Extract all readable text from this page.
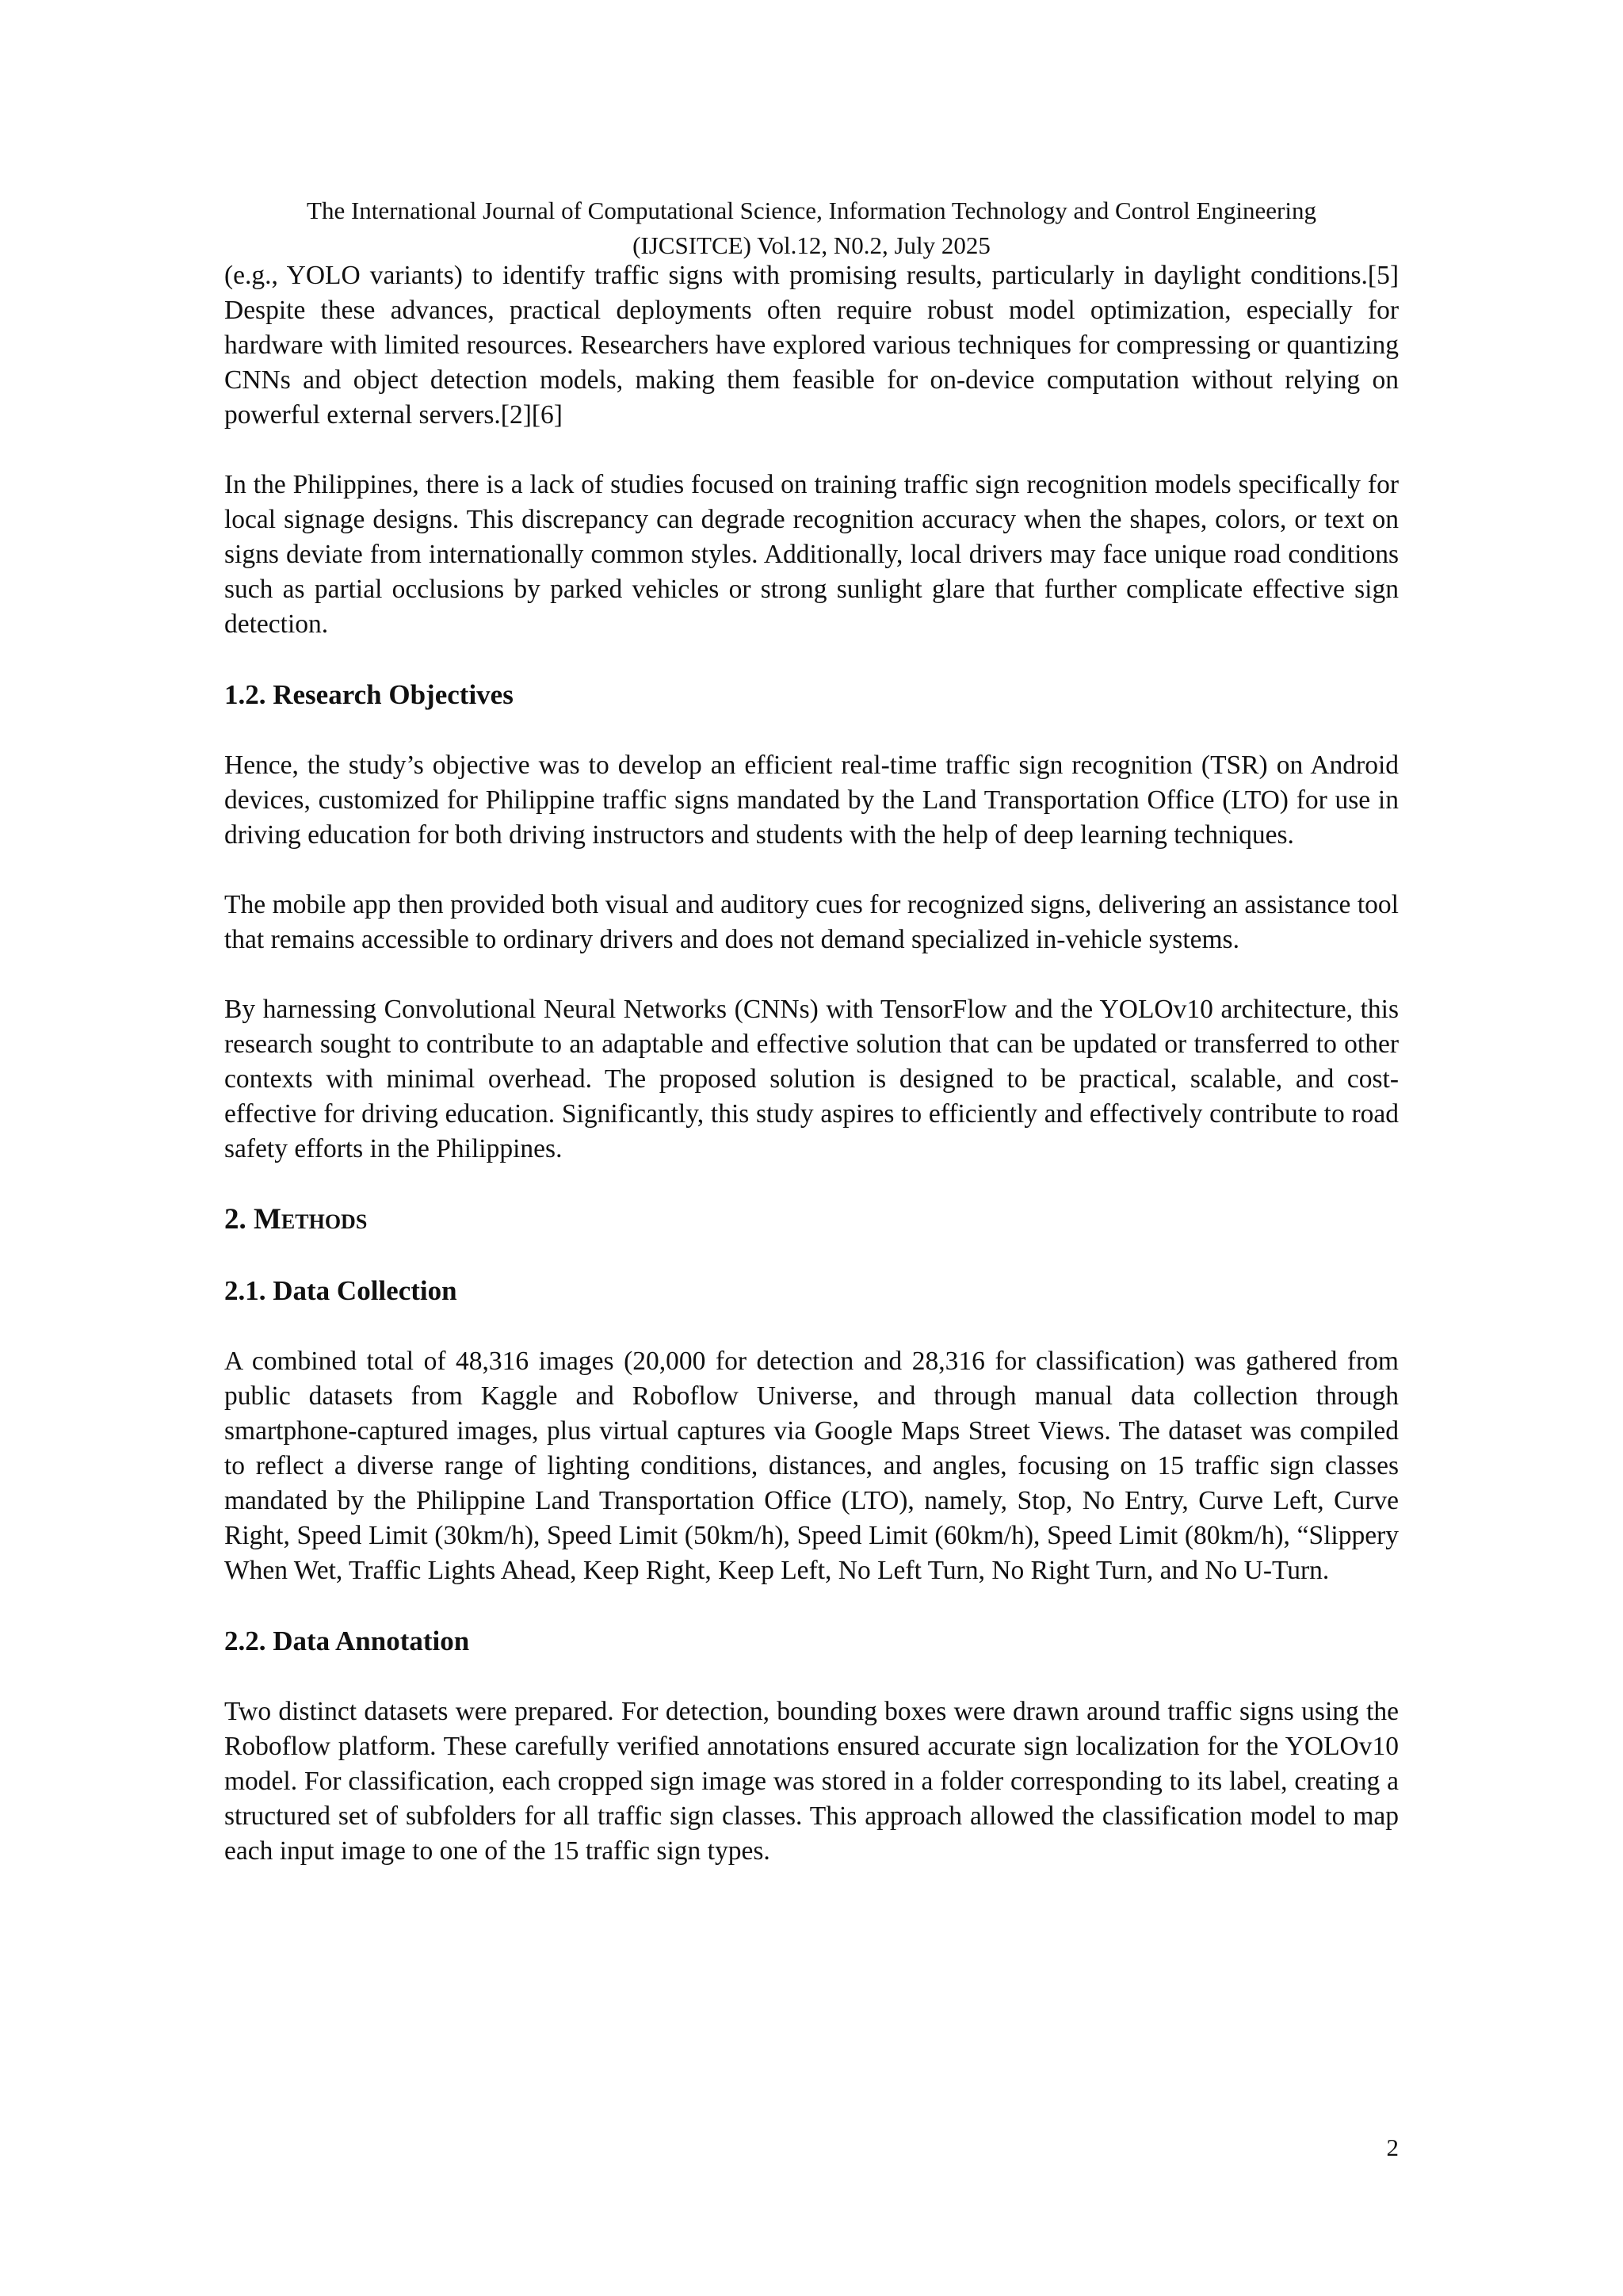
The International Journal of Computational Science, Information Technology and Control Engineering
(IJCSITCE) Vol.12, N0.2, July 2025

(e.g., YOLO variants) to identify traffic signs with promising results, particularly in daylight conditions.[5] Despite these advances, practical deployments often require robust model optimization, especially for hardware with limited resources. Researchers have explored various techniques for compressing or quantizing CNNs and object detection models, making them feasible for on-device computation without relying on powerful external servers.[2][6]

In the Philippines, there is a lack of studies focused on training traffic sign recognition models specifically for local signage designs. This discrepancy can degrade recognition accuracy when the shapes, colors, or text on signs deviate from internationally common styles. Additionally, local drivers may face unique road conditions such as partial occlusions by parked vehicles or strong sunlight glare that further complicate effective sign detection.

1.2. Research Objectives

Hence, the study’s objective was to develop an efficient real-time traffic sign recognition (TSR) on Android devices, customized for Philippine traffic signs mandated by the Land Transportation Office (LTO) for use in driving education for both driving instructors and students with the help of deep learning techniques.

The mobile app then provided both visual and auditory cues for recognized signs, delivering an assistance tool that remains accessible to ordinary drivers and does not demand specialized in-vehicle systems.

By harnessing Convolutional Neural Networks (CNNs) with TensorFlow and the YOLOv10 architecture, this research sought to contribute to an adaptable and effective solution that can be updated or transferred to other contexts with minimal overhead. The proposed solution is designed to be practical, scalable, and cost-effective for driving education. Significantly, this study aspires to efficiently and effectively contribute to road safety efforts in the Philippines.

2. Methods
2.1. Data Collection

A combined total of 48,316 images (20,000 for detection and 28,316 for classification) was gathered from public datasets from Kaggle and Roboflow Universe, and through manual data collection through smartphone-captured images, plus virtual captures via Google Maps Street Views. The dataset was compiled to reflect a diverse range of lighting conditions, distances, and angles, focusing on 15 traffic sign classes mandated by the Philippine Land Transportation Office (LTO), namely, Stop, No Entry, Curve Left, Curve Right, Speed Limit (30km/h), Speed Limit (50km/h), Speed Limit (60km/h), Speed Limit (80km/h), “Slippery When Wet, Traffic Lights Ahead, Keep Right, Keep Left, No Left Turn, No Right Turn, and No U-Turn.

2.2. Data Annotation

Two distinct datasets were prepared. For detection, bounding boxes were drawn around traffic signs using the Roboflow platform. These carefully verified annotations ensured accurate sign localization for the YOLOv10 model. For classification, each cropped sign image was stored in a folder corresponding to its label, creating a structured set of subfolders for all traffic sign classes. This approach allowed the classification model to map each input image to one of the 15 traffic sign types.

2
